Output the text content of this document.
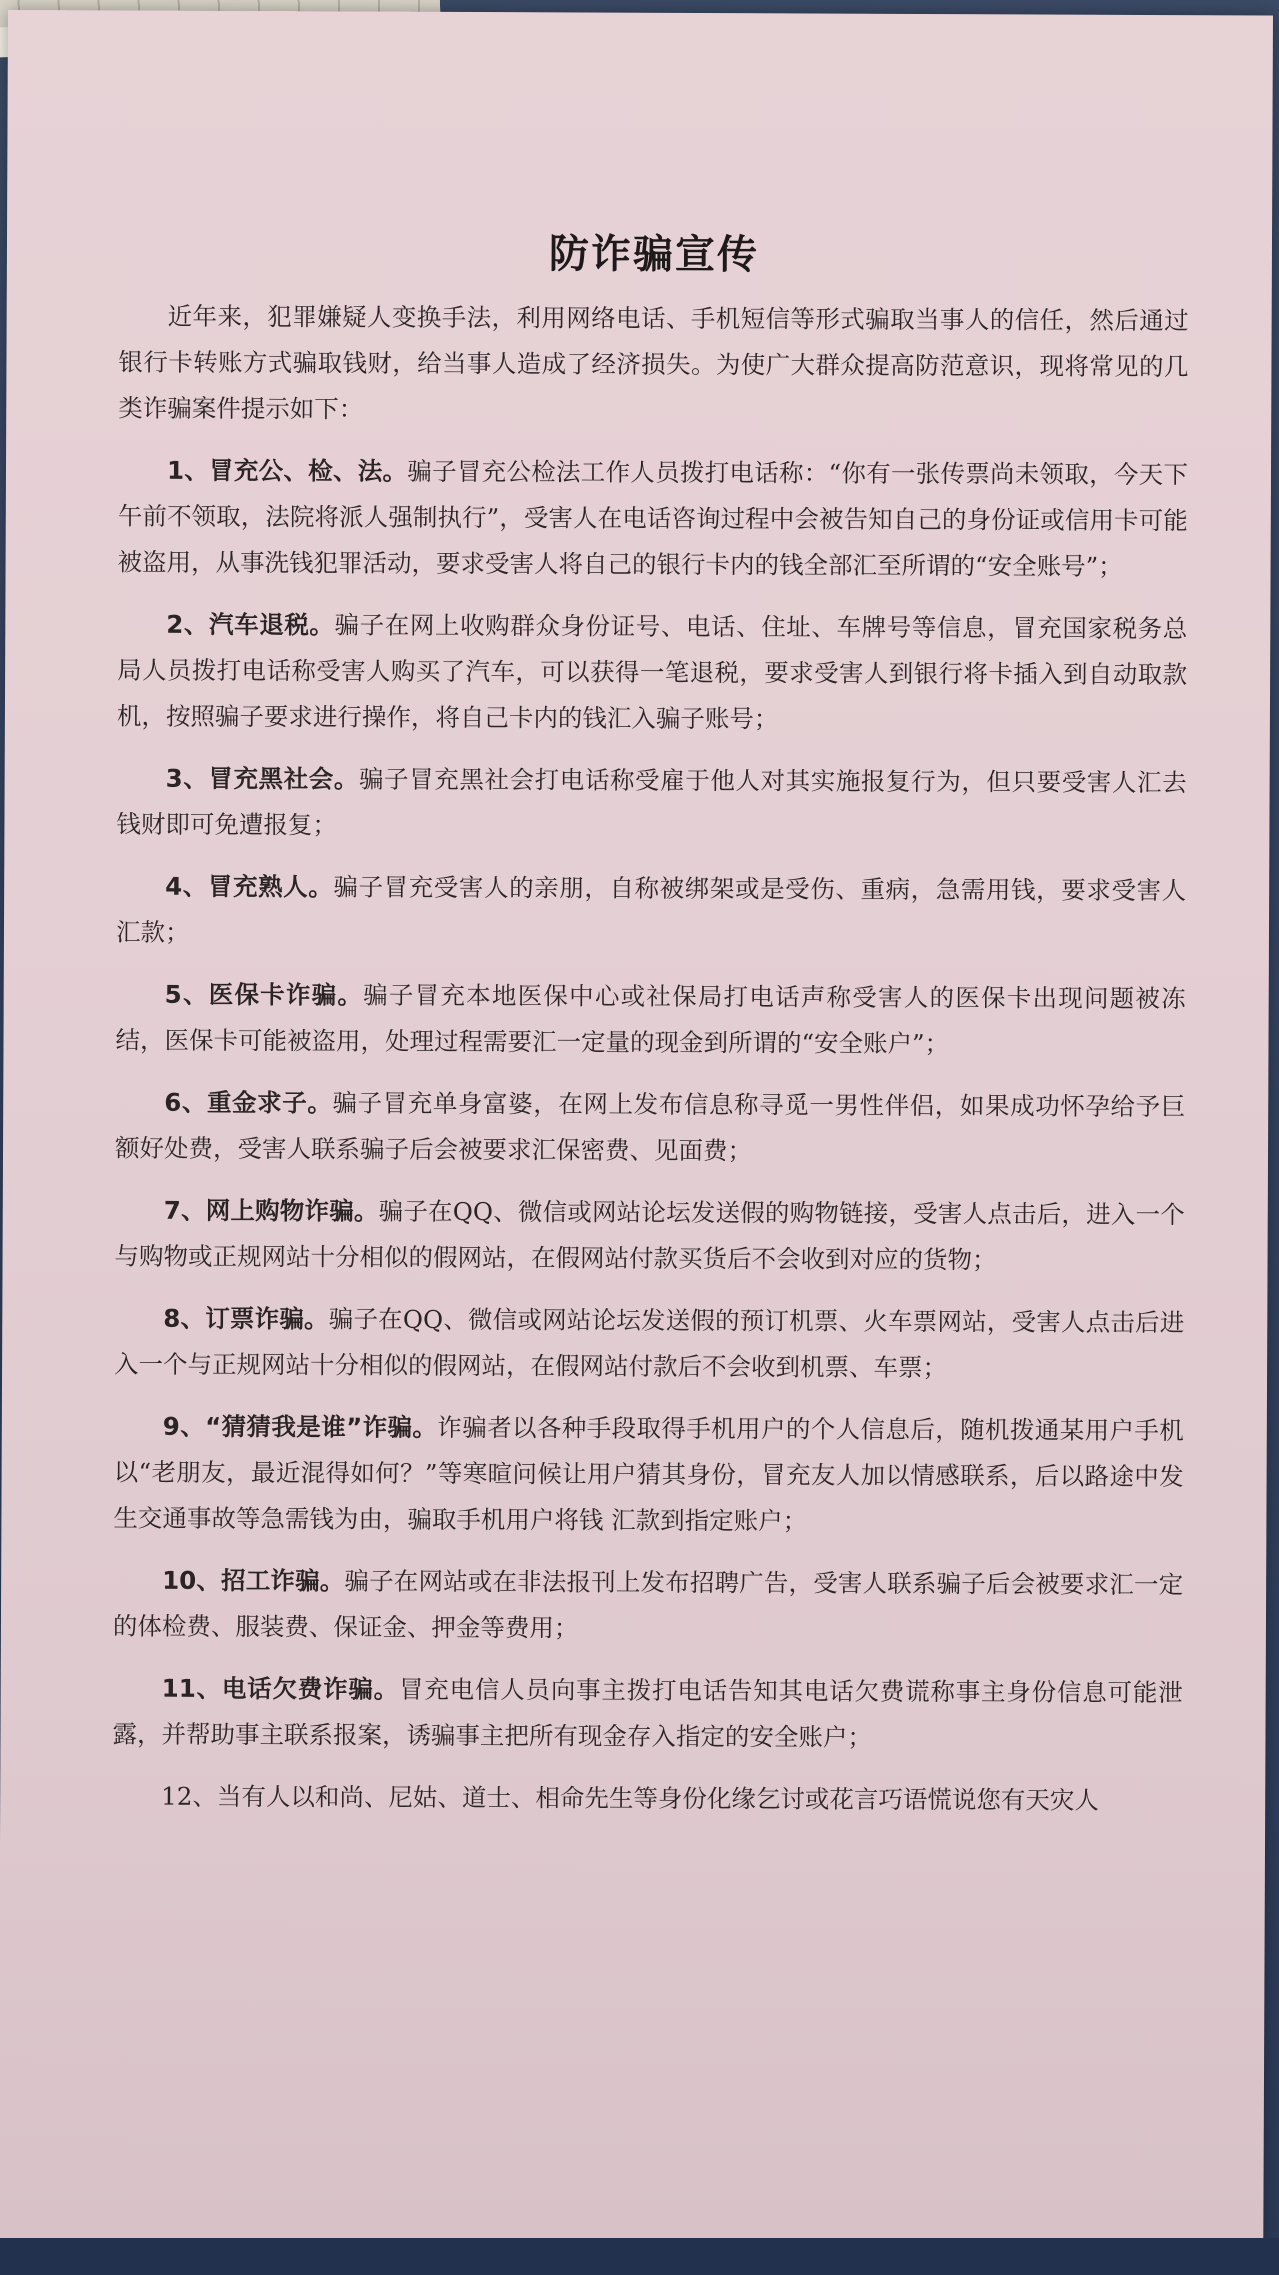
防诈骗宣传

近年来，犯罪嫌疑人变换手法，利用网络电话、手机短信等形式骗取当事人的信任，然后通过银行卡转账方式骗取钱财，给当事人造成了经济损失。为使广大群众提高防范意识，现将常见的几类诈骗案件提示如下：

1、冒充公、检、法。骗子冒充公检法工作人员拨打电话称：“你有一张传票尚未领取，今天下午前不领取，法院将派人强制执行”，受害人在电话咨询过程中会被告知自己的身份证或信用卡可能被盗用，从事洗钱犯罪活动，要求受害人将自己的银行卡内的钱全部汇至所谓的“安全账号”；

2、汽车退税。骗子在网上收购群众身份证号、电话、住址、车牌号等信息，冒充国家税务总局人员拨打电话称受害人购买了汽车，可以获得一笔退税，要求受害人到银行将卡插入到自动取款机，按照骗子要求进行操作，将自己卡内的钱汇入骗子账号；

3、冒充黑社会。骗子冒充黑社会打电话称受雇于他人对其实施报复行为，但只要受害人汇去钱财即可免遭报复；

4、冒充熟人。骗子冒充受害人的亲朋，自称被绑架或是受伤、重病，急需用钱，要求受害人汇款；

5、医保卡诈骗。骗子冒充本地医保中心或社保局打电话声称受害人的医保卡出现问题被冻结，医保卡可能被盗用，处理过程需要汇一定量的现金到所谓的“安全账户”；

6、重金求子。骗子冒充单身富婆，在网上发布信息称寻觅一男性伴侣，如果成功怀孕给予巨额好处费，受害人联系骗子后会被要求汇保密费、见面费；

7、网上购物诈骗。骗子在QQ、微信或网站论坛发送假的购物链接，受害人点击后，进入一个与购物或正规网站十分相似的假网站，在假网站付款买货后不会收到对应的货物；

8、订票诈骗。骗子在QQ、微信或网站论坛发送假的预订机票、火车票网站，受害人点击后进入一个与正规网站十分相似的假网站，在假网站付款后不会收到机票、车票；

9、“猜猜我是谁”诈骗。诈骗者以各种手段取得手机用户的个人信息后，随机拨通某用户手机以“老朋友，最近混得如何？”等寒暄问候让用户猜其身份，冒充友人加以情感联系，后以路途中发生交通事故等急需钱为由，骗取手机用户将钱 汇款到指定账户；

10、招工诈骗。骗子在网站或在非法报刊上发布招聘广告，受害人联系骗子后会被要求汇一定的体检费、服装费、保证金、押金等费用；

11、电话欠费诈骗。冒充电信人员向事主拨打电话告知其电话欠费谎称事主身份信息可能泄露，并帮助事主联系报案，诱骗事主把所有现金存入指定的安全账户；

12、当有人以和尚、尼姑、道士、相命先生等身份化缘乞讨或花言巧语慌说您有天灾人
